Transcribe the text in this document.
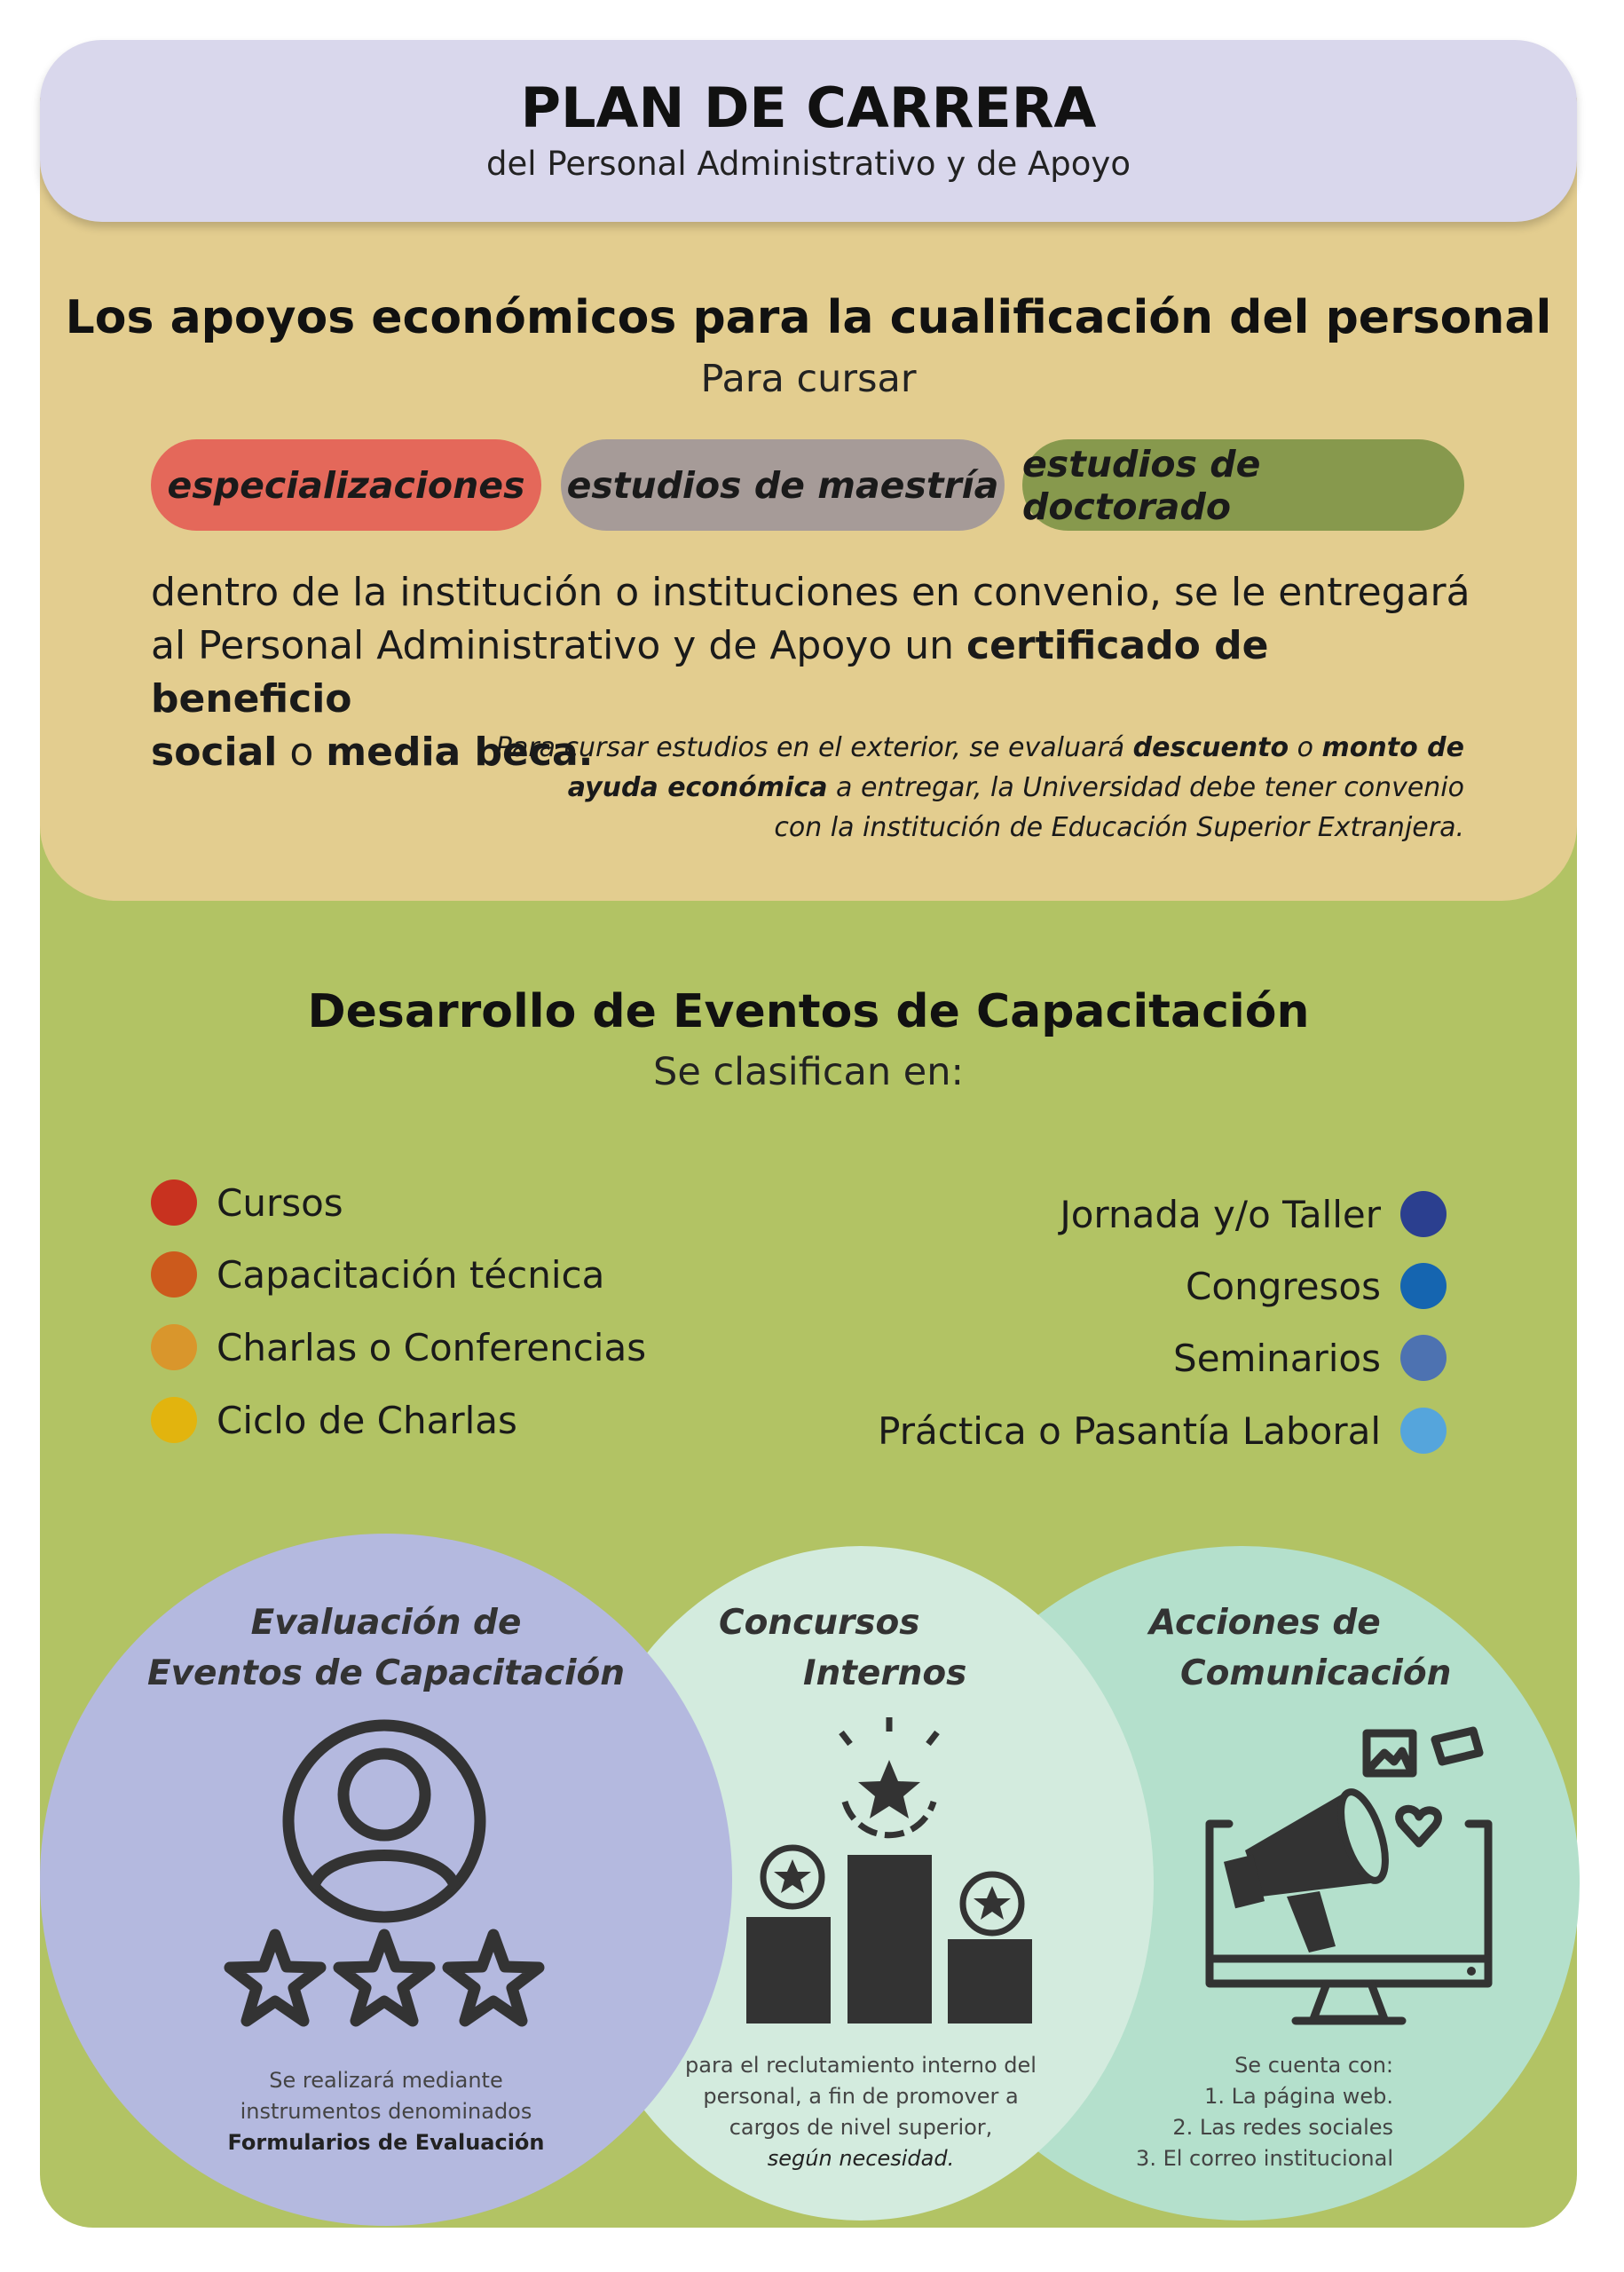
PLAN DE CARRERA
del Personal Administrativo y de Apoyo
Los apoyos económicos para la cualificación del personal
Para cursar
especializaciones	estudios de maestría estudios de doctorado
dentro de la institución o instituciones en convenio, se le entregará
al Personal Administrativo y de Apoyo un certificado de beneficio
social o media beca.
Para cursar estudios en el exterior, se evaluará descuento o monto de
ayuda económica a entregar, la Universidad debe tener convenio
con la institución de Educación Superior Extranjera.
Desarrollo de Eventos de Capacitación
Se clasifican en:
Cursos
Capacitación técnica
Charlas o Conferencias
Ciclo de Charlas
Jornada y/o Taller
Congresos
Seminarios
Práctica o Pasantía Laboral
Evaluación de
Eventos de Capacitación
Se realizará mediante
instrumentos denominados
Formularios de Evaluación
Concursos
Internos
para el reclutamiento interno del
personal, a fin de promover a
cargos de nivel superior,
según necesidad.
Acciones de
Comunicación
Se cuenta con:
1. La página web.
2. Las redes sociales
3. El correo institucional
